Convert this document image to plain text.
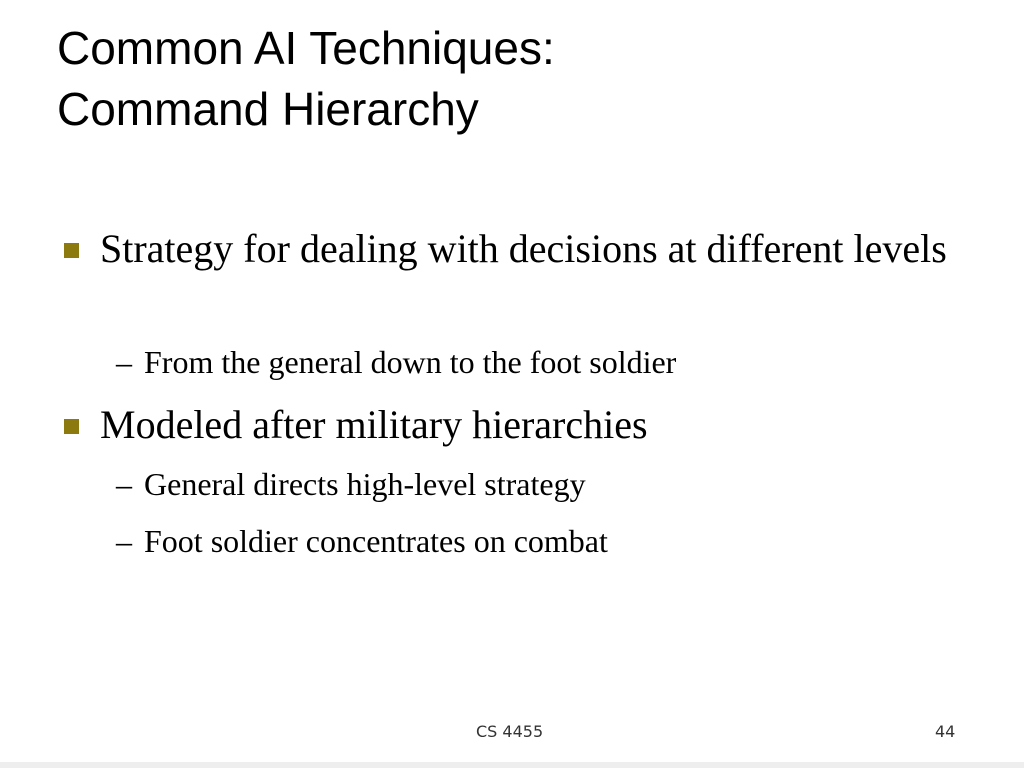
Common AI Techniques:
Command Hierarchy
Strategy for dealing with decisions at different levels
– From the general down to the foot soldier
Modeled after military hierarchies
– General directs high-level strategy
– Foot soldier concentrates on combat
CS 4455	44
